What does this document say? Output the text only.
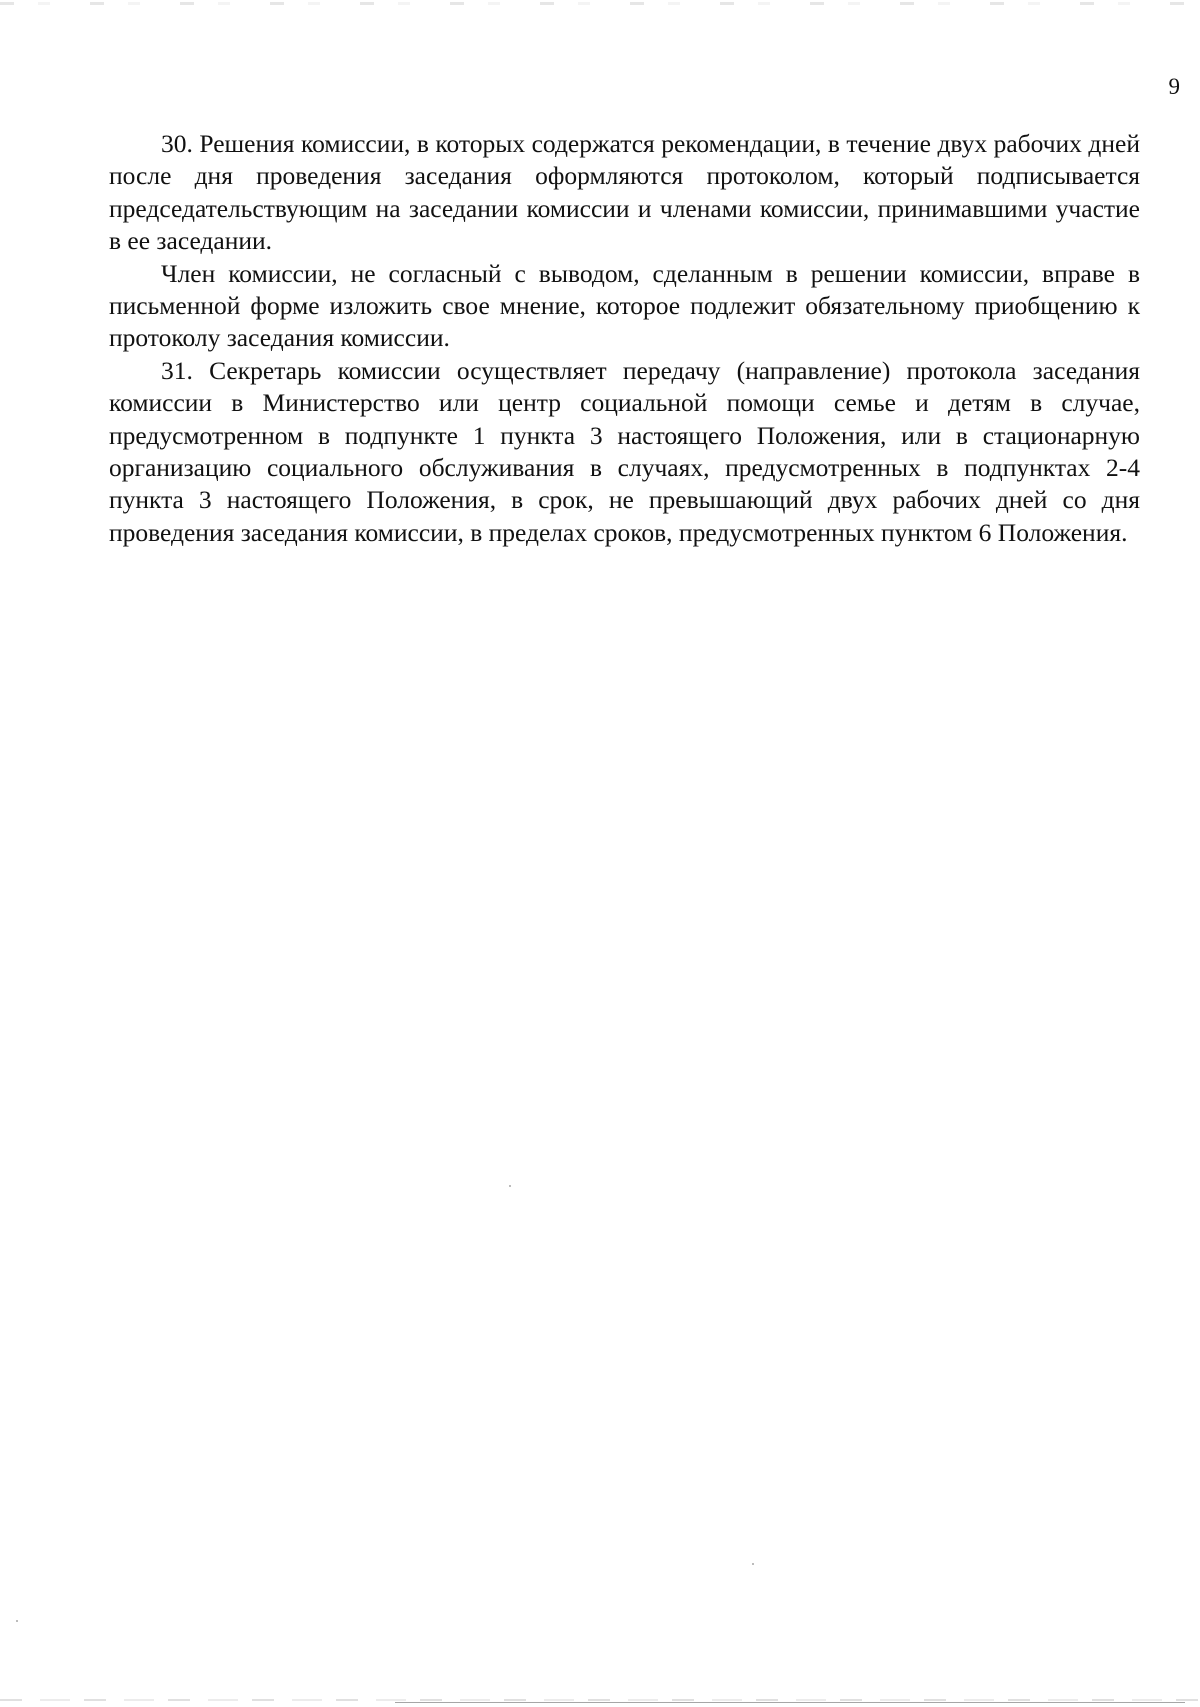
9

30. Решения комиссии, в которых содержатся рекомендации, в течение двух рабочих дней после дня проведения заседания оформляются протоколом, который подписывается председательствующим на заседании комиссии и членами комиссии, принимавшими участие в ее заседании.

Член комиссии, не согласный с выводом, сделанным в решении комиссии, вправе в письменной форме изложить свое мнение, которое подлежит обязательному приобщению к протоколу заседания комиссии.

31. Секретарь комиссии осуществляет передачу (направление) протокола заседания комиссии в Министерство или центр социальной помощи семье и детям в случае, предусмотренном в подпункте 1 пункта 3 настоящего Положения, или в стационарную организацию социального обслуживания в случаях, предусмотренных в подпунктах 2-4 пункта 3 настоящего Положения, в срок, не превышающий двух рабочих дней со дня проведения заседания комиссии, в пределах сроков, предусмотренных пунктом 6 Положения.
